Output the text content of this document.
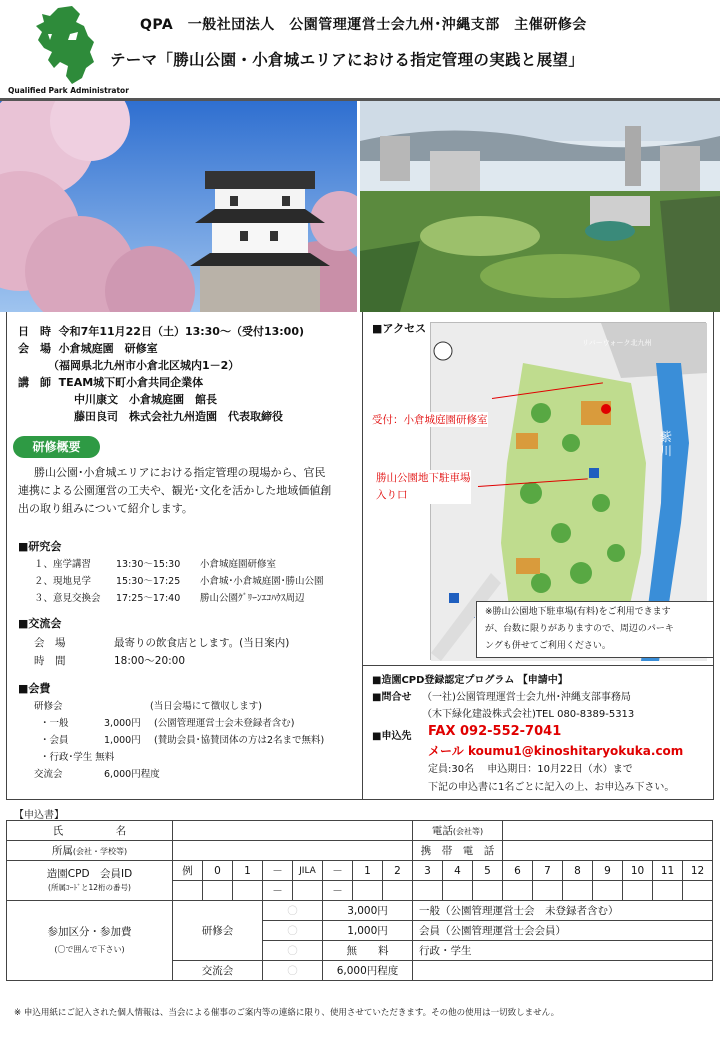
Qualified Park Administrator
QPA　一般社団法人　公園管理運営士会九州･沖縄支部　主催研修会
テーマ「勝山公園・小倉城エリアにおける指定管理の実践と展望」
日　時 令和7年11月22日（土）13:30～（受付13:00)
会　場 小倉城庭園　研修室
（福岡県北九州市小倉北区城内1－2）
講　師 TEAM城下町小倉共同企業体
中川康文　小倉城庭園　館長
藤田良司　株式会社九州造園　代表取締役
研修概要
勝山公園･小倉城エリアにおける指定管理の現場から、官民
連携による公園運営の工夫や、観光･文化を活かした地域価値創
出の取り組みについて紹介します。
■研究会
１、座学講習	13:30～15:30 小倉城庭園研修室
２、現地見学	15:30～17:25 小倉城･小倉城庭園･勝山公園
３、意見交換会 17:25～17:40 勝山公園ｸﾞﾘｰﾝｴｺﾊｳｽ周辺
■交流会
会　場	最寄りの飲食店とします。(当日案内)
時　間	18:00～20:00
■会費
研修会	(当日会場にて徴収します)
・一般	3,000円 (公園管理運営士会未登録者含む)
・会員	1,000円 (賛助会員･協賛団体の方は2名まで無料)
・行政･学生 無料
交流会	6,000円程度
■アクセス
リバーウォーク北九州
紫川
受付：小倉城庭園研修室
勝山公園地下駐車場
入り口
※勝山公園地下駐車場(有料)をご利用できます
が、台数に限りがありますので、周辺のパーキ
ングも併せてご利用ください。
■造園CPD登録認定プログラム 【申請中】
■問合せ （一社)公園管理運営士会九州･沖縄支部事務局
（木下緑化建設株式会社)TEL 080-8389-5313
■申込先 FAX 092-552-7041
メール koumu1@kinoshitaryokuka.com
定員:30名　 申込期日：10月22日（水）まで
下記の申込書に1名ごとに記入の上、お申込み下さい。
【申込書】
氏　　　　　名									電話(会社等)									
所属(会社・学校等)									携　帯　電　話									

造園CPD　会員ID
(所属ｺｰﾄﾞと12桁の番号)	例	0	1	－	JILA	－	1	2	3	4	5	6	7	8	9	10	11	12
				－		－												

参加区分・参加費
(〇で囲んで下さい)	研修会			〇		3,000円			一般（公園管理運営士会　未登録者含む）									
				〇		1,000円			会員（公園管理運営士会会員）									
				〇		無　　料			行政・学生									
	交流会			〇		6,000円程度												
※ 申込用紙にご記入された個人情報は、当会による催事のご案内等の連絡に限り、使用させていただきます。その他の使用は一切致しません。
